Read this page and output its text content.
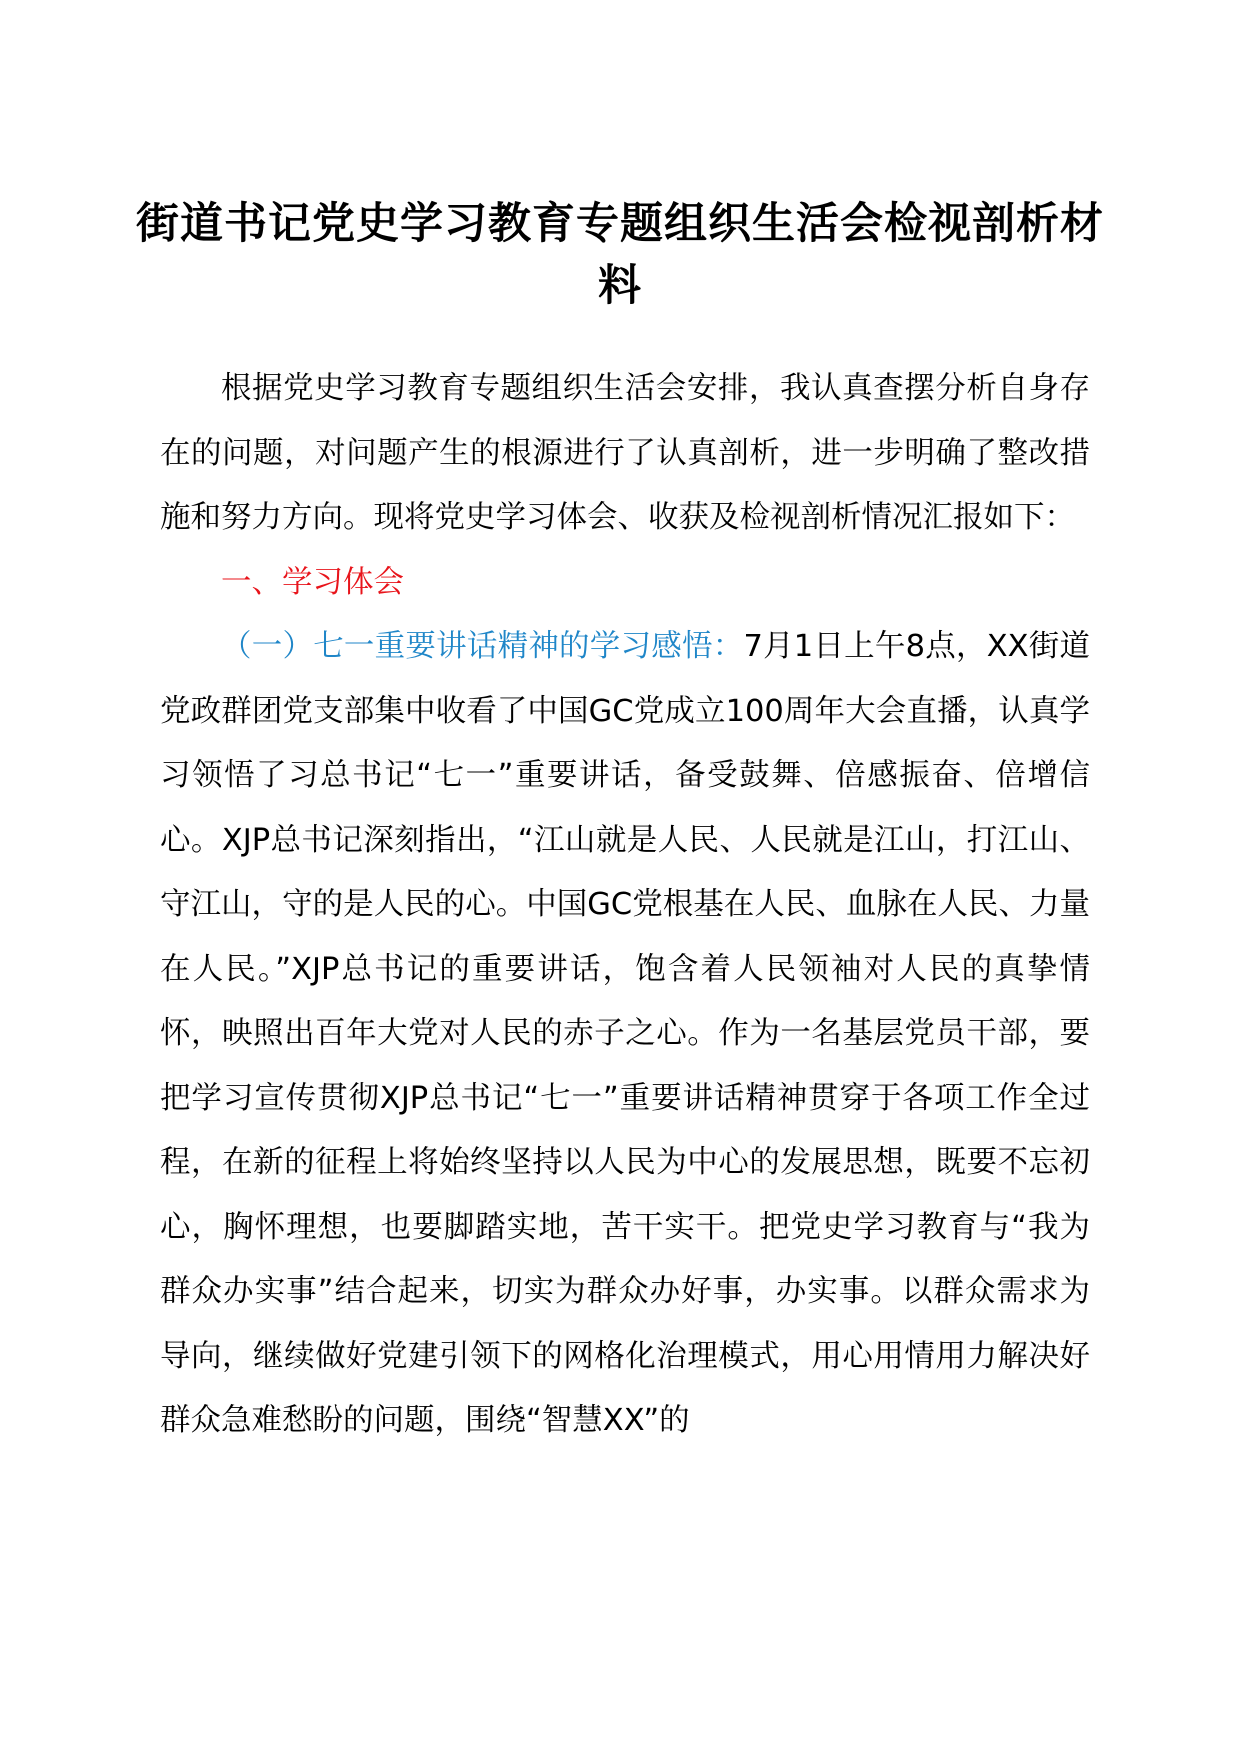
街道书记党史学习教育专题组织生活会检视剖析材料

根据党史学习教育专题组织生活会安排，我认真查摆分析自身存在的问题，对问题产生的根源进行了认真剖析，进一步明确了整改措施和努力方向。现将党史学习体会、收获及检视剖析情况汇报如下：

一、学习体会

（一）七一重要讲话精神的学习感悟：7月1日上午8点，XX街道党政群团党支部集中收看了中国GC党成立100周年大会直播，认真学习领悟了习总书记“七一”重要讲话，备受鼓舞、倍感振奋、倍增信心。XJP总书记深刻指出，“江山就是人民、人民就是江山，打江山、守江山，守的是人民的心。中国GC党根基在人民、血脉在人民、力量在人民。”XJP总书记的重要讲话，饱含着人民领袖对人民的真挚情怀，映照出百年大党对人民的赤子之心。作为一名基层党员干部，要把学习宣传贯彻XJP总书记“七一”重要讲话精神贯穿于各项工作全过程，在新的征程上将始终坚持以人民为中心的发展思想，既要不忘初心，胸怀理想，也要脚踏实地，苦干实干。把党史学习教育与“我为群众办实事”结合起来，切实为群众办好事，办实事。以群众需求为导向，继续做好党建引领下的网格化治理模式，用心用情用力解决好群众急难愁盼的问题，围绕“智慧XX”的
